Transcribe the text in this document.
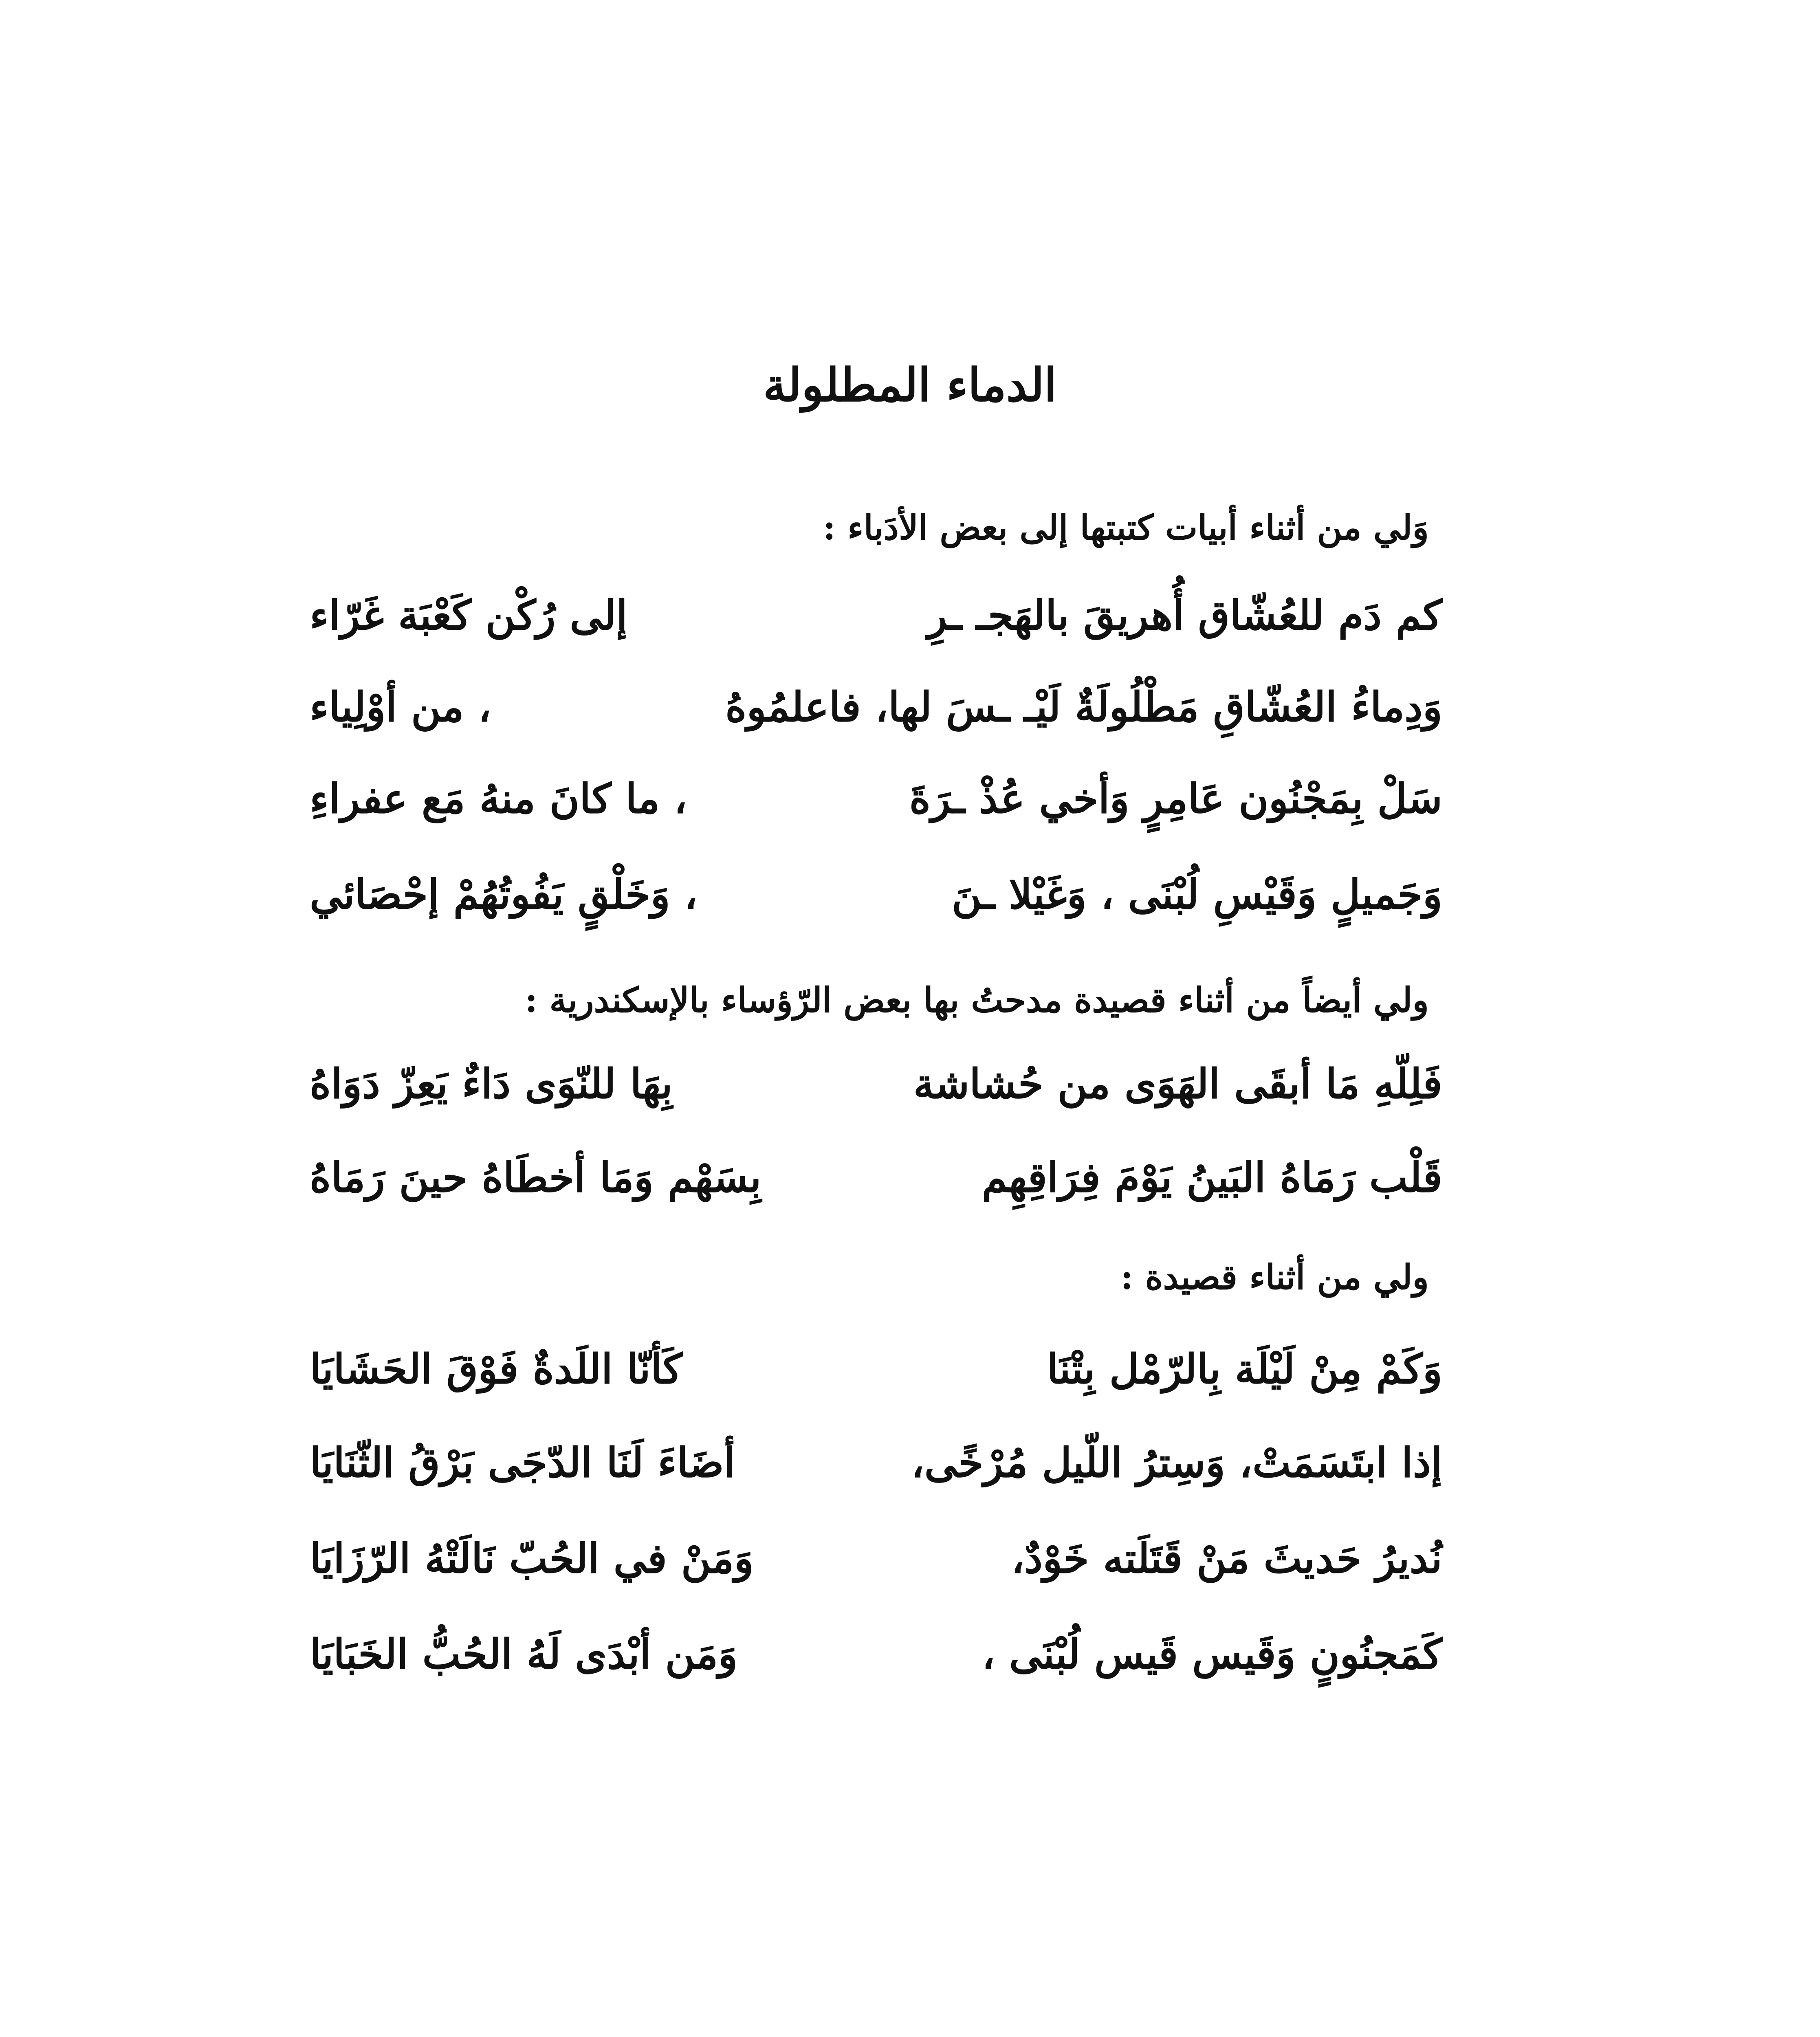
الدماء المطلولة

وَلي من أثناء أبيات كتبتها إلى بعض الأدَباء :

كم دَم للعُشّاق أُهريقَ بالهَجـ ـرِ
إلى رُكْن كَعْبَة غَرّاء
وَدِماءُ العُشّاقِ مَطْلُولَةٌ لَيْـ ـسَ لها، فاعلمُوهُ
، من أوْلِياء
سَلْ بِمَجْنُون عَامِرٍ وَأخي عُذْ ـرَةَ
، ما كانَ منهُ مَع عفراءِ
وَجَميلٍ وَقَيْسِ لُبْنَى ، وَغَيْلا ـنَ
، وَخَلْقٍ يَفُوتُهُمْ إحْصَائي

ولي أيضاً من أثناء قصيدة مدحتُ بها بعض الرّؤساء بالإسكندرية :

فَلِلّهِ مَا أبقَى الهَوَى من حُشاشة
بِهَا للنّوَى دَاءٌ يَعِزّ دَوَاهُ
قَلْب رَمَاهُ البَينُ يَوْمَ فِرَاقِهِم
بِسَهْم وَمَا أخطَاهُ حينَ رَمَاهُ

ولي من أثناء قصيدة :

وَكَمْ مِنْ لَيْلَة بِالرّمْل بِتْنَا
كَأنّا اللَدةٌ فَوْقَ الحَشَايَا
إذا ابتَسَمَتْ، وَسِترُ اللّيل مُرْخًى،
أضَاءَ لَنَا الدّجَى بَرْقُ الثّنَايَا
نُديرُ حَديثَ مَنْ قَتَلَته خَوْدٌ،
وَمَنْ في الحُبّ نَالَتْهُ الرّزَايَا
كَمَجنُونٍ وَقَيس قَيس لُبْنَى ،
وَمَن أبْدَى لَهُ الحُبُّ الخَبَايَا
